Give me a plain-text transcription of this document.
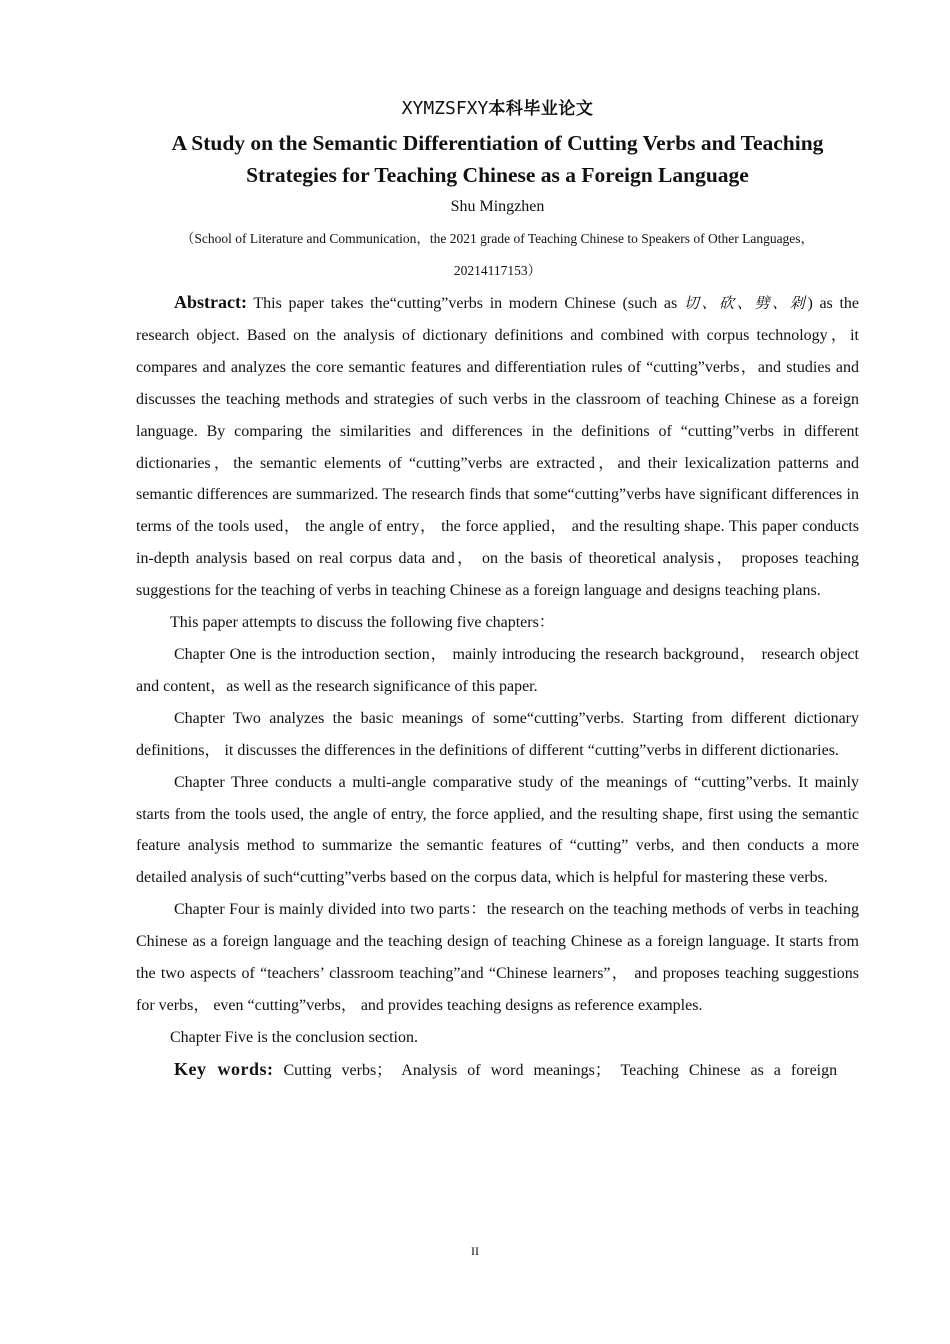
XYMZSFXY本科毕业论文
A Study on the Semantic Differentiation of Cutting Verbs and Teaching
Strategies for Teaching Chinese as a Foreign Language
Shu Mingzhen
（School of Literature and Communication，the 2021 grade of Teaching Chinese to Speakers of Other Languages，
20214117153）

Abstract: This paper takes the“cutting”verbs in modern Chinese (such as 切、砍、劈、剁) as the research object. Based on the analysis of dictionary definitions and combined with corpus technology，it compares and analyzes the core semantic features and differentiation rules of “cutting”verbs，and studies and discusses the teaching methods and strategies of such verbs in the classroom of teaching Chinese as a foreign language. By comparing the similarities and differences in the definitions of “cutting”verbs in different dictionaries，the semantic elements of “cutting”verbs are extracted，and their lexicalization patterns and semantic differences are summarized. The research finds that some“cutting”verbs have significant differences in terms of the tools used， the angle of entry， the force applied， and the resulting shape. This paper conducts in-depth analysis based on real corpus data and， on the basis of theoretical analysis， proposes teaching suggestions for the teaching of verbs in teaching Chinese as a foreign language and designs teaching plans.

This paper attempts to discuss the following five chapters：

Chapter One is the introduction section， mainly introducing the research background， research object and content，as well as the research significance of this paper.

Chapter Two analyzes the basic meanings of some“cutting”verbs. Starting from different dictionary definitions， it discusses the differences in the definitions of different “cutting”verbs in different dictionaries.

Chapter Three conducts a multi-angle comparative study of the meanings of “cutting”verbs. It mainly starts from the tools used, the angle of entry, the force applied, and the resulting shape, first using the semantic feature analysis method to summarize the semantic features of “cutting” verbs, and then conducts a more detailed analysis of such“cutting”verbs based on the corpus data, which is helpful for mastering these verbs.

Chapter Four is mainly divided into two parts：the research on the teaching methods of verbs in teaching Chinese as a foreign language and the teaching design of teaching Chinese as a foreign language. It starts from the two aspects of “teachers’ classroom teaching”and “Chinese learners”， and proposes teaching suggestions for verbs， even “cutting”verbs， and provides teaching designs as reference examples.

Chapter Five is the conclusion section.

Key words: Cutting verbs； Analysis of word meanings； Teaching Chinese as a foreign

II
